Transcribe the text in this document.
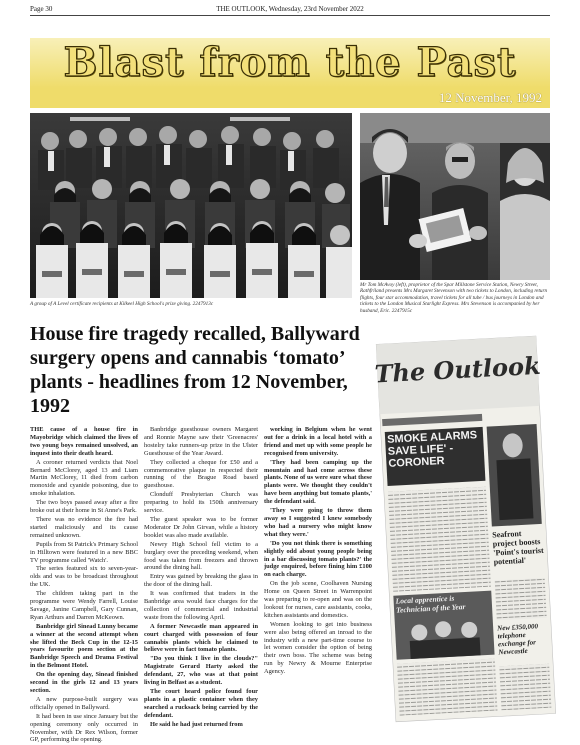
Page 30	THE OUTLOOK, Wednesday, 23rd November 2022
Blast from the Past
12 November, 1992
A group of A Level certificate recipients at Kilkeel High School's prize giving. 2247913c
Mr Tom McAvoy (left), proprietor of the Spar Millstone Service Station, Newry Street, Rathfriland presents Mrs Margaret Stevenson with two tickets to London, including return flights, four star accommodation, travel tickets for all tube / bus journeys in London and tickets to the London Musical Starlight Express. Mrs Stevenson is accompanied by her husband, Eric. 2247915c
House fire tragedy recalled, Ballyward surgery opens and cannabis ‘tomato’ plants - headlines from 12 November, 1992

THE cause of a house fire in Mayobridge which claimed the lives of two young boys remained unsolved, an inquest into their death heard.

A coroner returned verdicts that Noel Bernard McClorey, aged 13 and Liam Martin McClorey, 11 died from carbon monoxide and cyanide poisoning, due to smoke inhalation.

The two boys passed away after a fire broke out at their home in St Anne's Park.

There was no evidence the fire had started maliciously and its cause remained unknown.

Pupils from St Patrick's Primary School in Hilltown were featured in a new BBC TV programme called 'Watch'.

The series featured six to seven-year-olds and was to be broadcast throughout the UK.

The children taking part in the programme were Wendy Farrell, Louise Savage, Janine Campbell, Gary Cunnan, Ryan Arthurs and Darren McKeown.

Banbridge girl Sinead Lunny became a winner at the second attempt when she lifted the Beck Cup in the 12-15 years favourite poem section at the Banbridge Speech and Drama Festival in the Belmont Hotel.

On the opening day, Sinead finished second in the girls 12 and 13 years section.

A new purpose-built surgery was officially opened in Ballyward.

It had been in use since January but the opening ceremony only occurred in November, with Dr Rex Wilson, former GP, performing the opening.

Banbridge guesthouse owners Margaret and Ronnie Mayne saw their 'Greenacres' hostelry take runners-up prize in the Ulster Guesthouse of the Year Award.

They collected a cheque for £50 and a commemorative plaque in respected their running of the Brague Road based guesthouse.

Clonduff Presbyterian Church was preparing to hold its 150th anniversary service.

The guest speaker was to be former Moderator Dr John Girvan, while a history booklet was also made available.

Newry High School fell victim to a burglary over the preceding weekend, when food was taken from freezers and thrown around the dining hall.

Entry was gained by breaking the glass in the door of the dining hall.

It was confirmed that traders in the Banbridge area would face charges for the collection of commercial and industrial waste from the following April.

A former Newcastle man appeared in court charged with possession of four cannabis plants which he claimed to believe were in fact tomato plants.

"Do you think I live in the clouds?" Magistrate Gerard Harty asked the defendant, 27, who was at that point living in Belfast as a student.

The court heard police found four plants in a plastic container when they searched a rucksack being carried by the defendant.

He said he had just returned from

working in Belgium when he went out for a drink in a local hotel with a friend and met up with some people he recognised from university.

'They had been camping up the mountain and had come across these plants. None of us were sure what these plants were. We thought they couldn't have been anything but tomato plants,' the defendant said.

'They were going to throw them away so I suggested I knew somebody who had a nursery who might know what they were.'

'Do you not think there is something slightly odd about young people being in a bar discussing tomato plants?' the judge enquired, before fining him £100 on each charge.

On the job scene, Coolhaven Nursing Home on Queen Street in Warrenpoint was preparing to re-open and was on the lookout for nurses, care assistants, cooks, kitchen assistants and domestics.

Women looking to get into business were also being offered an inroad to the industry with a new part-time course to let women consider the option of being their own boss. The scheme was being run by Newry & Mourne Enterprise Agency.

The Outlook
SMOKE ALARMS SAVE LIFE' - CORONER
Seafront project boosts 'Point's tourist potential'
Local apprentice is Technician of the Year
New £350,000 telephone exchange for Newcastle
